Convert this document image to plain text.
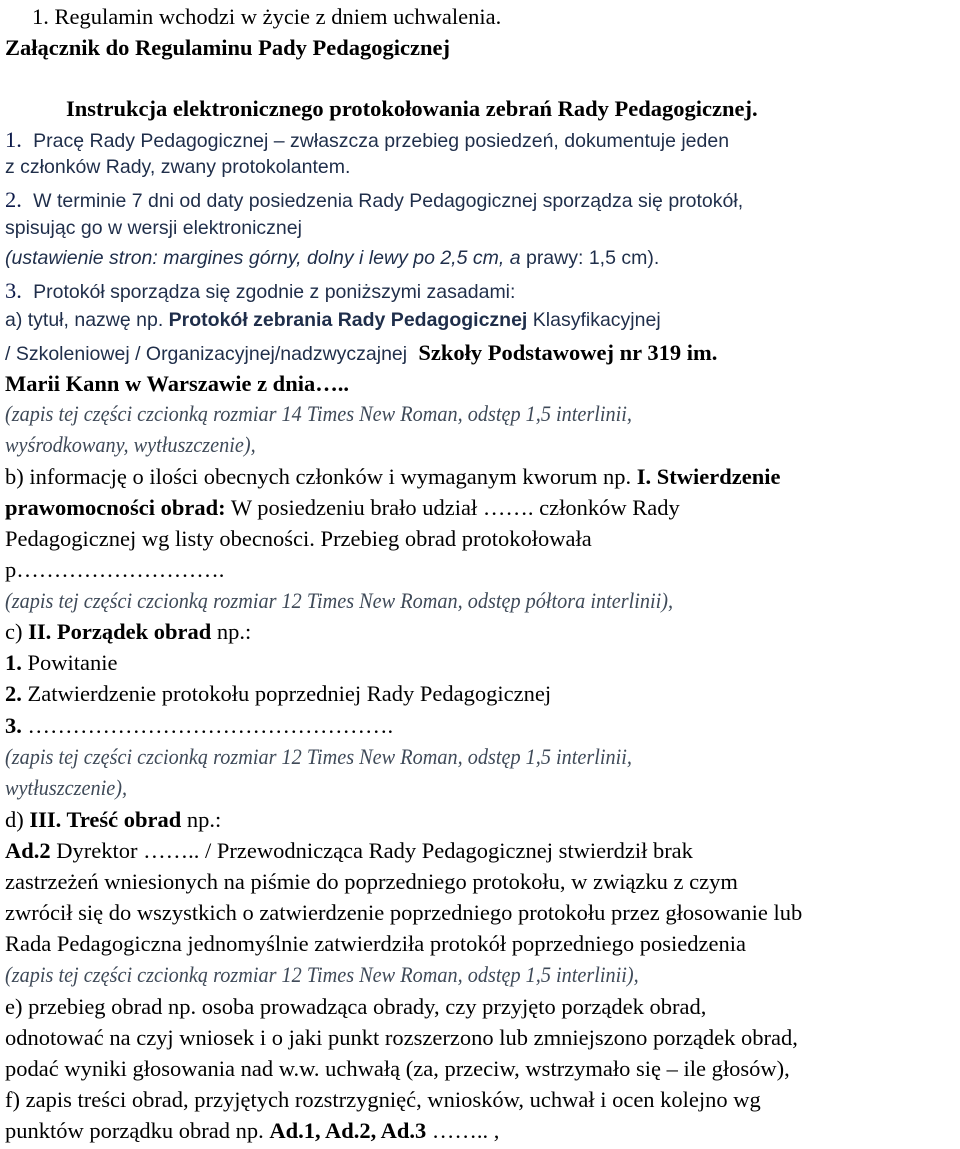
1. Regulamin wchodzi w życie z dniem uchwalenia.
Załącznik do Regulaminu Pady Pedagogicznej
Instrukcja elektronicznego protokołowania zebrań Rady Pedagogicznej.
1. Pracę Rady Pedagogicznej – zwłaszcza przebieg posiedzeń, dokumentuje jeden
z członków Rady, zwany protokolantem.
2. W terminie 7 dni od daty posiedzenia Rady Pedagogicznej sporządza się protokół,
spisując go w wersji elektronicznej
(ustawienie stron: margines górny, dolny i lewy po 2,5 cm, a prawy: 1,5 cm).
3. Protokół sporządza się zgodnie z poniższymi zasadami:
a) tytuł, nazwę np. Protokół zebrania Rady Pedagogicznej Klasyfikacyjnej
/ Szkoleniowej / Organizacyjnej/nadzwyczajnej Szkoły Podstawowej nr 319 im.
Marii Kann w Warszawie z dnia…..
(zapis tej części czcionką rozmiar 14 Times New Roman, odstęp 1,5 interlinii,
wyśrodkowany, wytłuszczenie),
b) informację o ilości obecnych członków i wymaganym kworum np. I. Stwierdzenie
prawomocności obrad: W posiedzeniu brało udział ……. członków Rady
Pedagogicznej wg listy obecności. Przebieg obrad protokołowała
p……………………….
(zapis tej części czcionką rozmiar 12 Times New Roman, odstęp półtora interlinii),
c) II. Porządek obrad np.:
1. Powitanie
2. Zatwierdzenie protokołu poprzedniej Rady Pedagogicznej
3. ………………………………………….
(zapis tej części czcionką rozmiar 12 Times New Roman, odstęp 1,5 interlinii,
wytłuszczenie),
d) III. Treść obrad np.:
Ad.2 Dyrektor …….. / Przewodnicząca Rady Pedagogicznej stwierdził brak
zastrzeżeń wniesionych na piśmie do poprzedniego protokołu, w związku z czym
zwrócił się do wszystkich o zatwierdzenie poprzedniego protokołu przez głosowanie lub
Rada Pedagogiczna jednomyślnie zatwierdziła protokół poprzedniego posiedzenia
(zapis tej części czcionką rozmiar 12 Times New Roman, odstęp 1,5 interlinii),
e) przebieg obrad np. osoba prowadząca obrady, czy przyjęto porządek obrad,
odnotować na czyj wniosek i o jaki punkt rozszerzono lub zmniejszono porządek obrad,
podać wyniki głosowania nad w.w. uchwałą (za, przeciw, wstrzymało się – ile głosów),
f) zapis treści obrad, przyjętych rozstrzygnięć, wniosków, uchwał i ocen kolejno wg
punktów porządku obrad np. Ad.1, Ad.2, Ad.3 …….. ,
